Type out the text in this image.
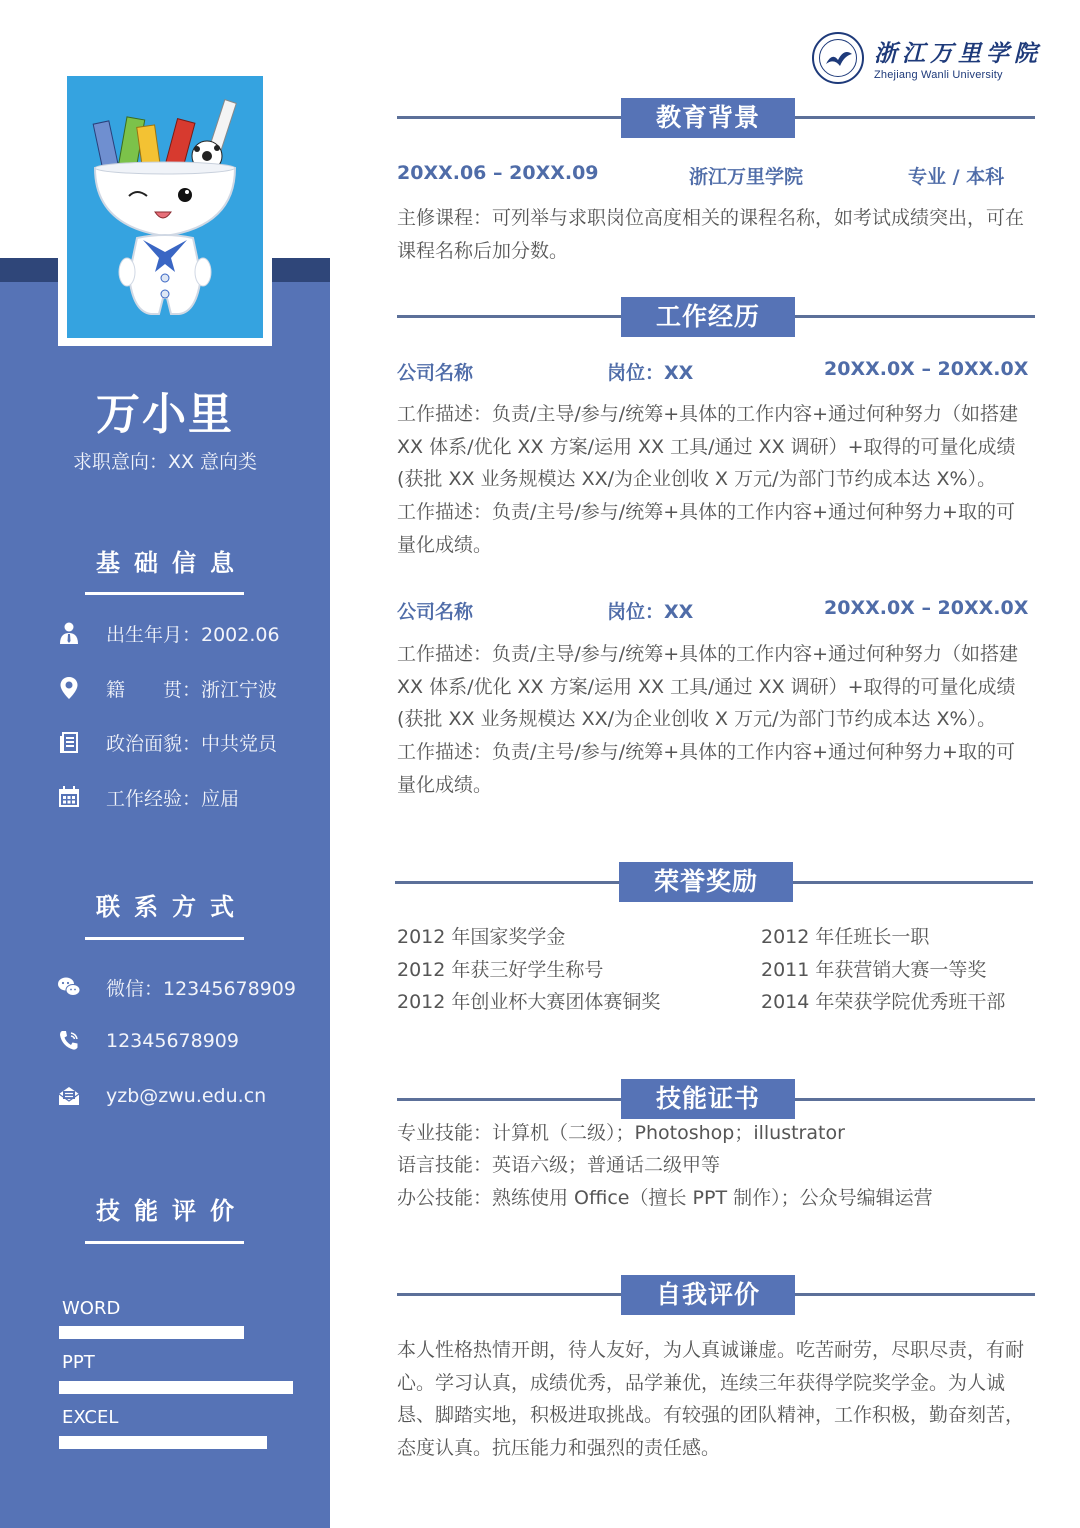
万小里
求职意向：XX 意向类
基础信息
出生年月：2002.06
籍　　贯：浙江宁波
政治面貌：中共党员
工作经验：应届
联系方式
微信：12345678909
12345678909
yzb@zwu.edu.cn
技能评价
WORD
PPT
EXCEL
浙江万里学院
Zhejiang Wanli University
教育背景
20XX.06 – 20XX.09	浙江万里学院	专业 / 本科
主修课程：可列举与求职岗位高度相关的课程名称，如考试成绩突出，可在课程名称后加分数。
工作经历
公司名称	岗位：XX	20XX.0X – 20XX.0X
工作描述：负责/主导/参与/统筹+具体的工作内容+通过何种努力（如搭建XX 体系/优化 XX 方案/运用 XX 工具/通过 XX 调研）+取得的可量化成绩(获批 XX 业务规模达 XX/为企业创收 X 万元/为部门节约成本达 X%）。
工作描述：负责/主号/参与/统筹+具体的工作内容+通过何种努力+取的可量化成绩。
公司名称	岗位：XX	20XX.0X – 20XX.0X
工作描述：负责/主导/参与/统筹+具体的工作内容+通过何种努力（如搭建XX 体系/优化 XX 方案/运用 XX 工具/通过 XX 调研）+取得的可量化成绩(获批 XX 业务规模达 XX/为企业创收 X 万元/为部门节约成本达 X%）。
工作描述：负责/主号/参与/统筹+具体的工作内容+通过何种努力+取的可量化成绩。
荣誉奖励
2012 年国家奖学金	2012 年任班长一职
2012 年获三好学生称号	2011 年获营销大赛一等奖
2012 年创业杯大赛团体赛铜奖	2014 年荣获学院优秀班干部
技能证书
专业技能：计算机（二级）；Photoshop；illustrator
语言技能：英语六级；普通话二级甲等
办公技能：熟练使用 Office（擅长 PPT 制作）；公众号编辑运营
自我评价
本人性格热情开朗，待人友好，为人真诚谦虚。吃苦耐劳，尽职尽责，有耐心。学习认真，成绩优秀，品学兼优，连续三年获得学院奖学金。为人诚恳、脚踏实地，积极进取挑战。有较强的团队精神，工作积极，勤奋刻苦，态度认真。抗压能力和强烈的责任感。
